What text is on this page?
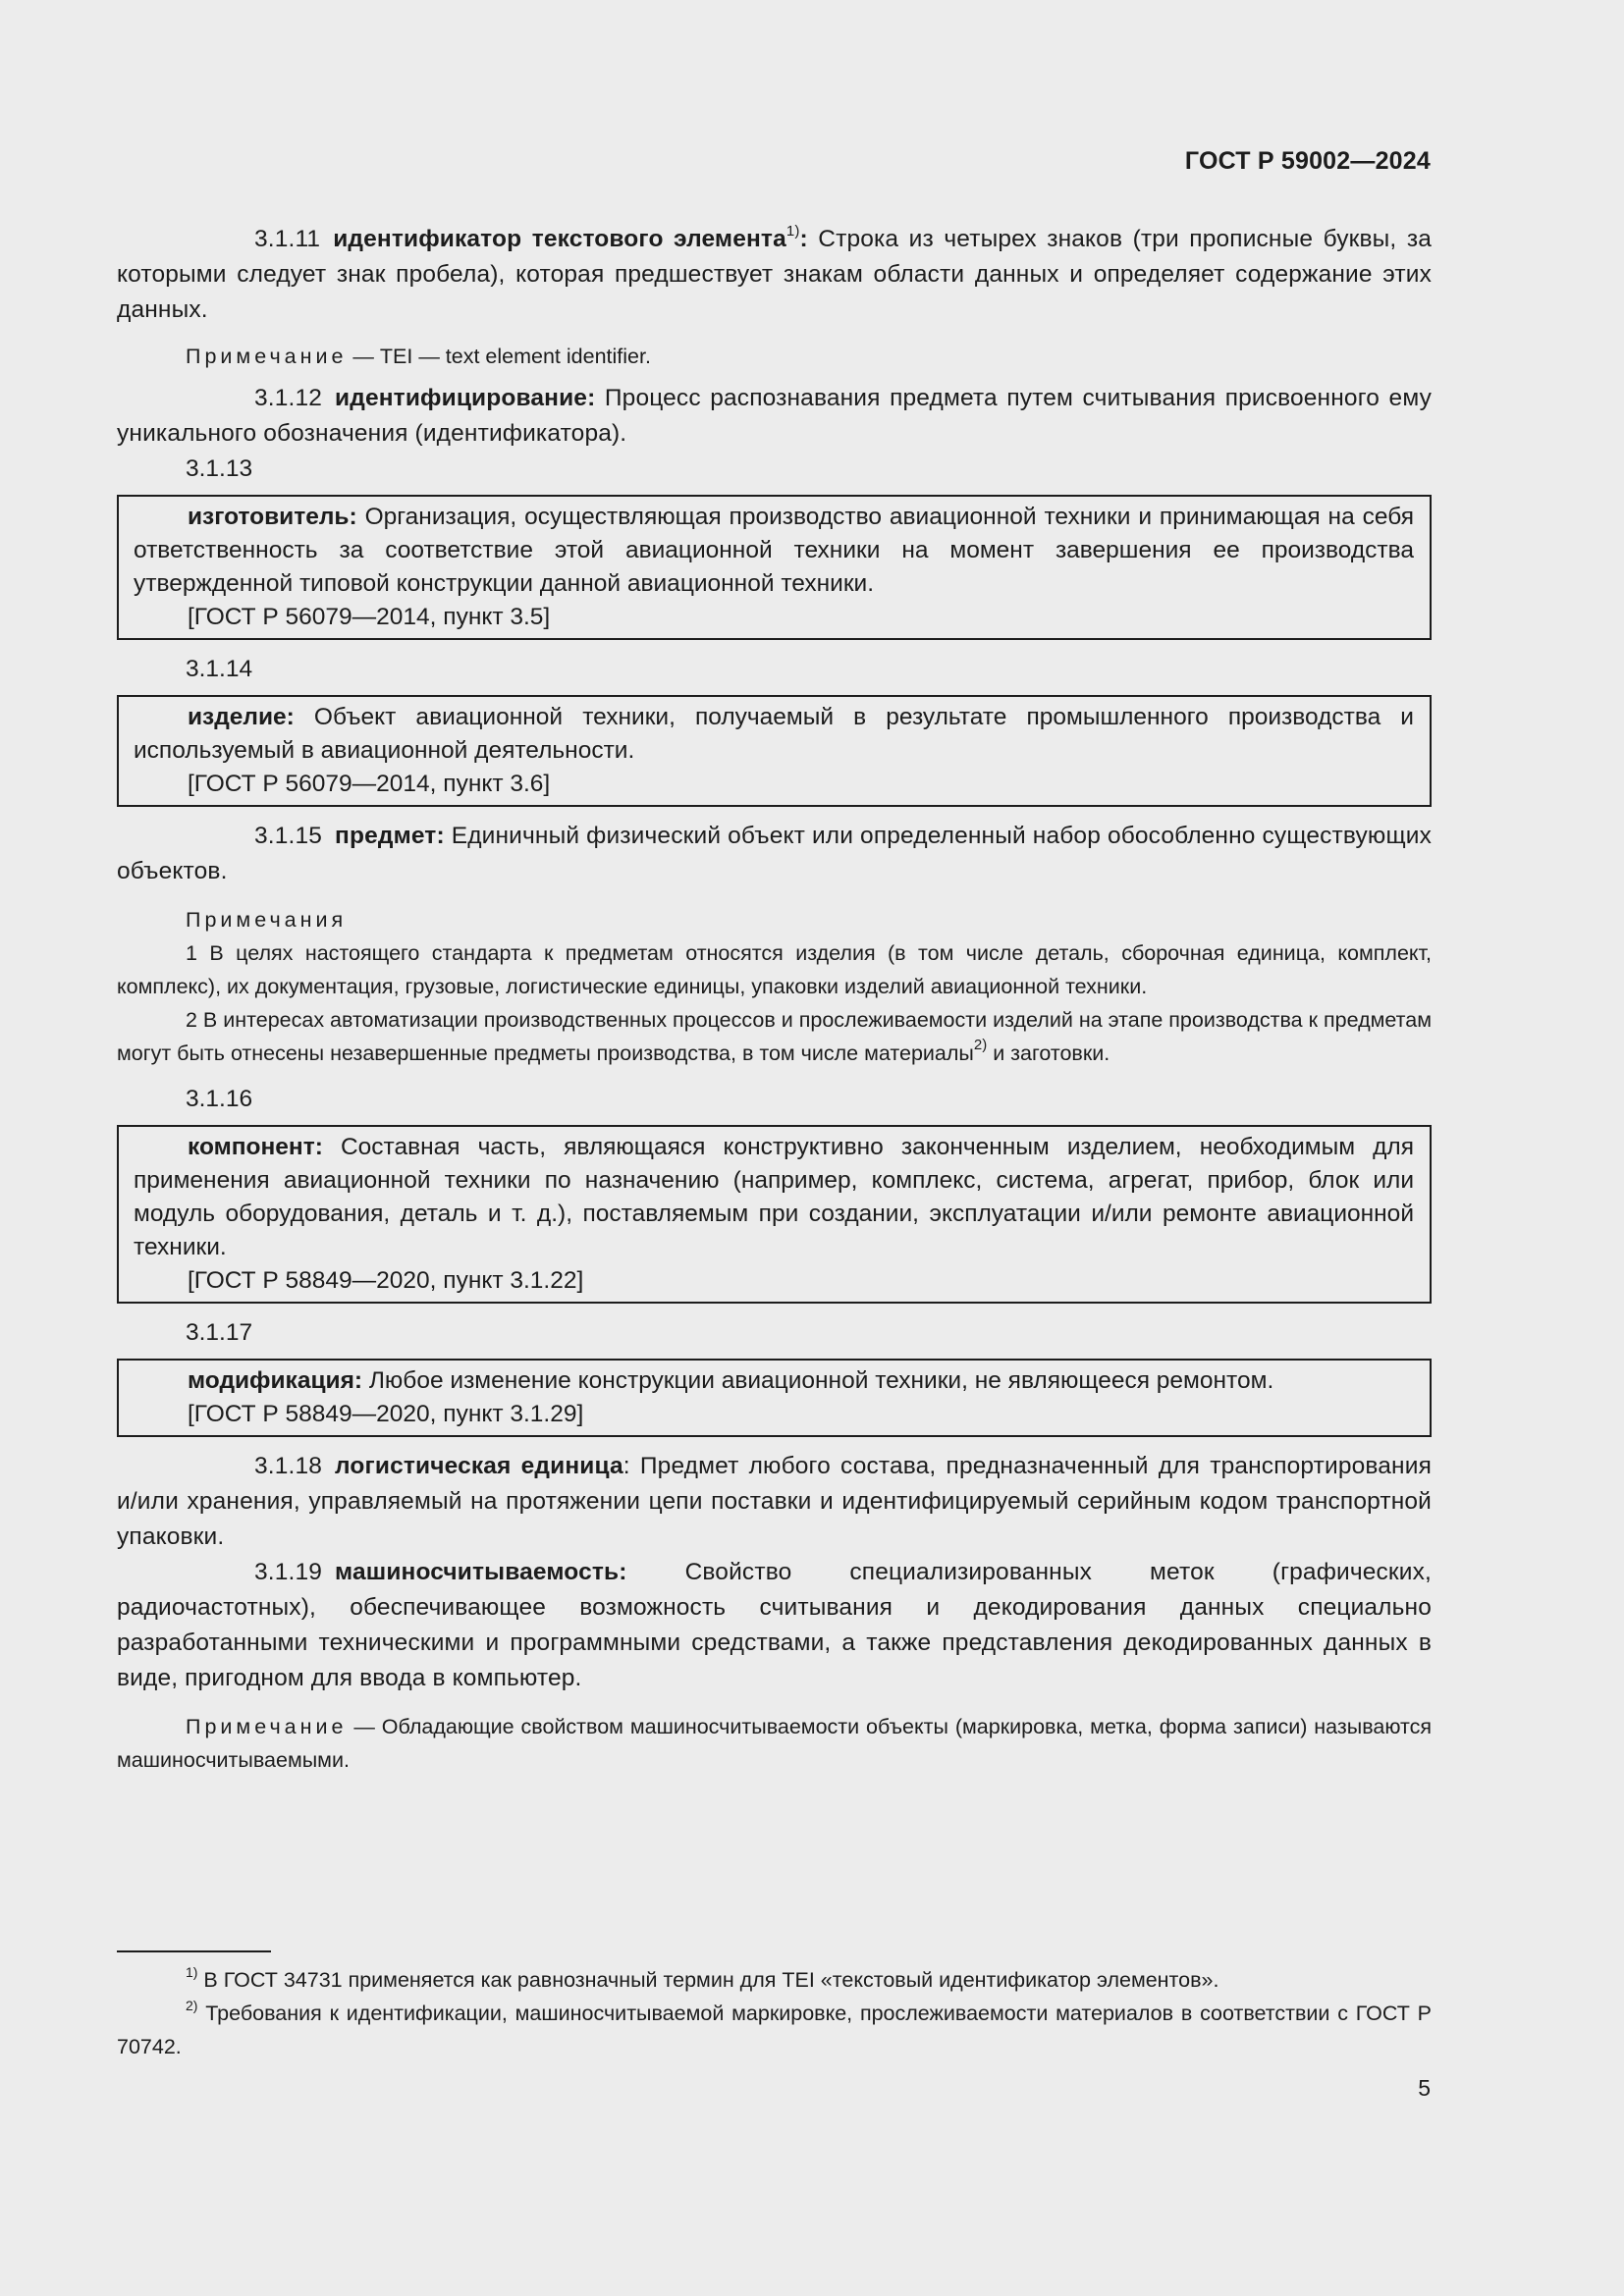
ГОСТ Р 59002—2024

3.1.11 идентификатор текстового элемента$^{1)}$: Строка из четырех знаков (три прописные буквы, за которыми следует знак пробела), которая предшествует знакам области данных и определяет содержание этих данных.

Примечание — TEI — text element identifier.

3.1.12 идентифицирование: Процесс распознавания предмета путем считывания присвоенного ему уникального обозначения (идентификатора).

3.1.13

изготовитель: Организация, осуществляющая производство авиационной техники и принимающая на себя ответственность за соответствие этой авиационной техники на момент завершения ее производства утвержденной типовой конструкции данной авиационной техники.

[ГОСТ Р 56079—2014, пункт 3.5]

3.1.14

изделие: Объект авиационной техники, получаемый в результате промышленного производства и используемый в авиационной деятельности.

[ГОСТ Р 56079—2014, пункт 3.6]

3.1.15 предмет: Единичный физический объект или определенный набор обособленно существующих объектов.

Примечания

1 В целях настоящего стандарта к предметам относятся изделия (в том числе деталь, сборочная единица, комплект, комплекс), их документация, грузовые, логистические единицы, упаковки изделий авиационной техники.

2 В интересах автоматизации производственных процессов и прослеживаемости изделий на этапе производства к предметам могут быть отнесены незавершенные предметы производства, в том числе материалы$^{2)}$ и заготовки.

3.1.16

компонент: Составная часть, являющаяся конструктивно законченным изделием, необходимым для применения авиационной техники по назначению (например, комплекс, система, агрегат, прибор, блок или модуль оборудования, деталь и т. д.), поставляемым при создании, эксплуатации и/или ремонте авиационной техники.

[ГОСТ Р 58849—2020, пункт 3.1.22]

3.1.17

модификация: Любое изменение конструкции авиационной техники, не являющееся ремонтом.

[ГОСТ Р 58849—2020, пункт 3.1.29]

3.1.18 логистическая единица: Предмет любого состава, предназначенный для транспортирования и/или хранения, управляемый на протяжении цепи поставки и идентифицируемый серийным кодом транспортной упаковки.

3.1.19 машиносчитываемость: Свойство специализированных меток (графических, радиочастотных), обеспечивающее возможность считывания и декодирования данных специально разработанными техническими и программными средствами, а также представления декодированных данных в виде, пригодном для ввода в компьютер.

Примечание — Обладающие свойством машиносчитываемости объекты (маркировка, метка, форма записи) называются машиносчитываемыми.

$^{1)}$ В ГОСТ 34731 применяется как равнозначный термин для TEI «текстовый идентификатор элементов».

$^{2)}$ Требования к идентификации, машиносчитываемой маркировке, прослеживаемости материалов в соответствии с ГОСТ Р 70742.

5
